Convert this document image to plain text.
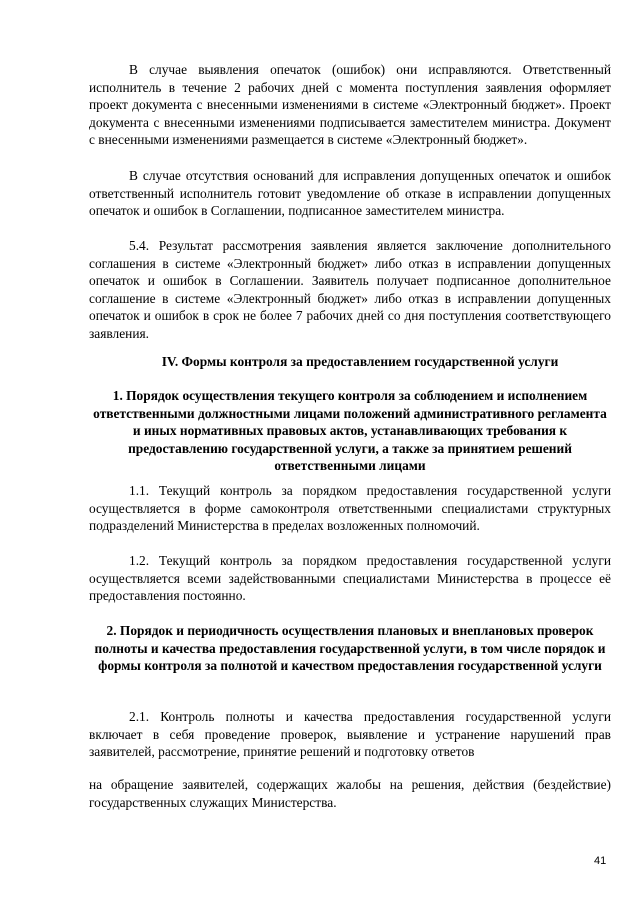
В случае выявления опечаток (ошибок) они исправляются. Ответственный исполнитель в течение 2 рабочих дней с момента поступления заявления оформляет проект документа с внесенными изменениями в системе «Электронный бюджет». Проект документа с внесенными изменениями подписывается заместителем министра. Документ с внесенными изменениями размещается в системе «Электронный бюджет».

В случае отсутствия оснований для исправления допущенных опечаток и ошибок ответственный исполнитель готовит уведомление об отказе в исправлении допущенных опечаток и ошибок в Соглашении, подписанное заместителем министра.

5.4. Результат рассмотрения заявления является заключение дополнительного соглашения в системе «Электронный бюджет» либо отказ в исправлении допущенных опечаток и ошибок в Соглашении. Заявитель получает подписанное дополнительное соглашение в системе «Электронный бюджет» либо отказ в исправлении допущенных опечаток и ошибок в срок не более 7 рабочих дней со дня поступления соответствующего заявления.

IV. Формы контроля за предоставлением государственной услуги

1. Порядок осуществления текущего контроля за соблюдением и исполнением ответственными должностными лицами положений административного регламента и иных нормативных правовых актов, устанавливающих требования к предоставлению государственной услуги, а также за принятием решений ответственными лицами

1.1. Текущий контроль за порядком предоставления государственной услуги осуществляется в форме самоконтроля ответственными специалистами структурных подразделений Министерства в пределах возложенных полномочий.

1.2. Текущий контроль за порядком предоставления государственной услуги осуществляется всеми задействованными специалистами Министерства в процессе её предоставления постоянно.

2. Порядок и периодичность осуществления плановых и внеплановых проверок полноты и качества предоставления государственной услуги, в том числе порядок и формы контроля за полнотой и качеством предоставления государственной услуги

2.1. Контроль полноты и качества предоставления государственной услуги включает в себя проведение проверок, выявление и устранение нарушений прав заявителей, рассмотрение, принятие решений и подготовку ответов

на обращение заявителей, содержащих жалобы на решения, действия (бездействие) государственных служащих Министерства.

41
